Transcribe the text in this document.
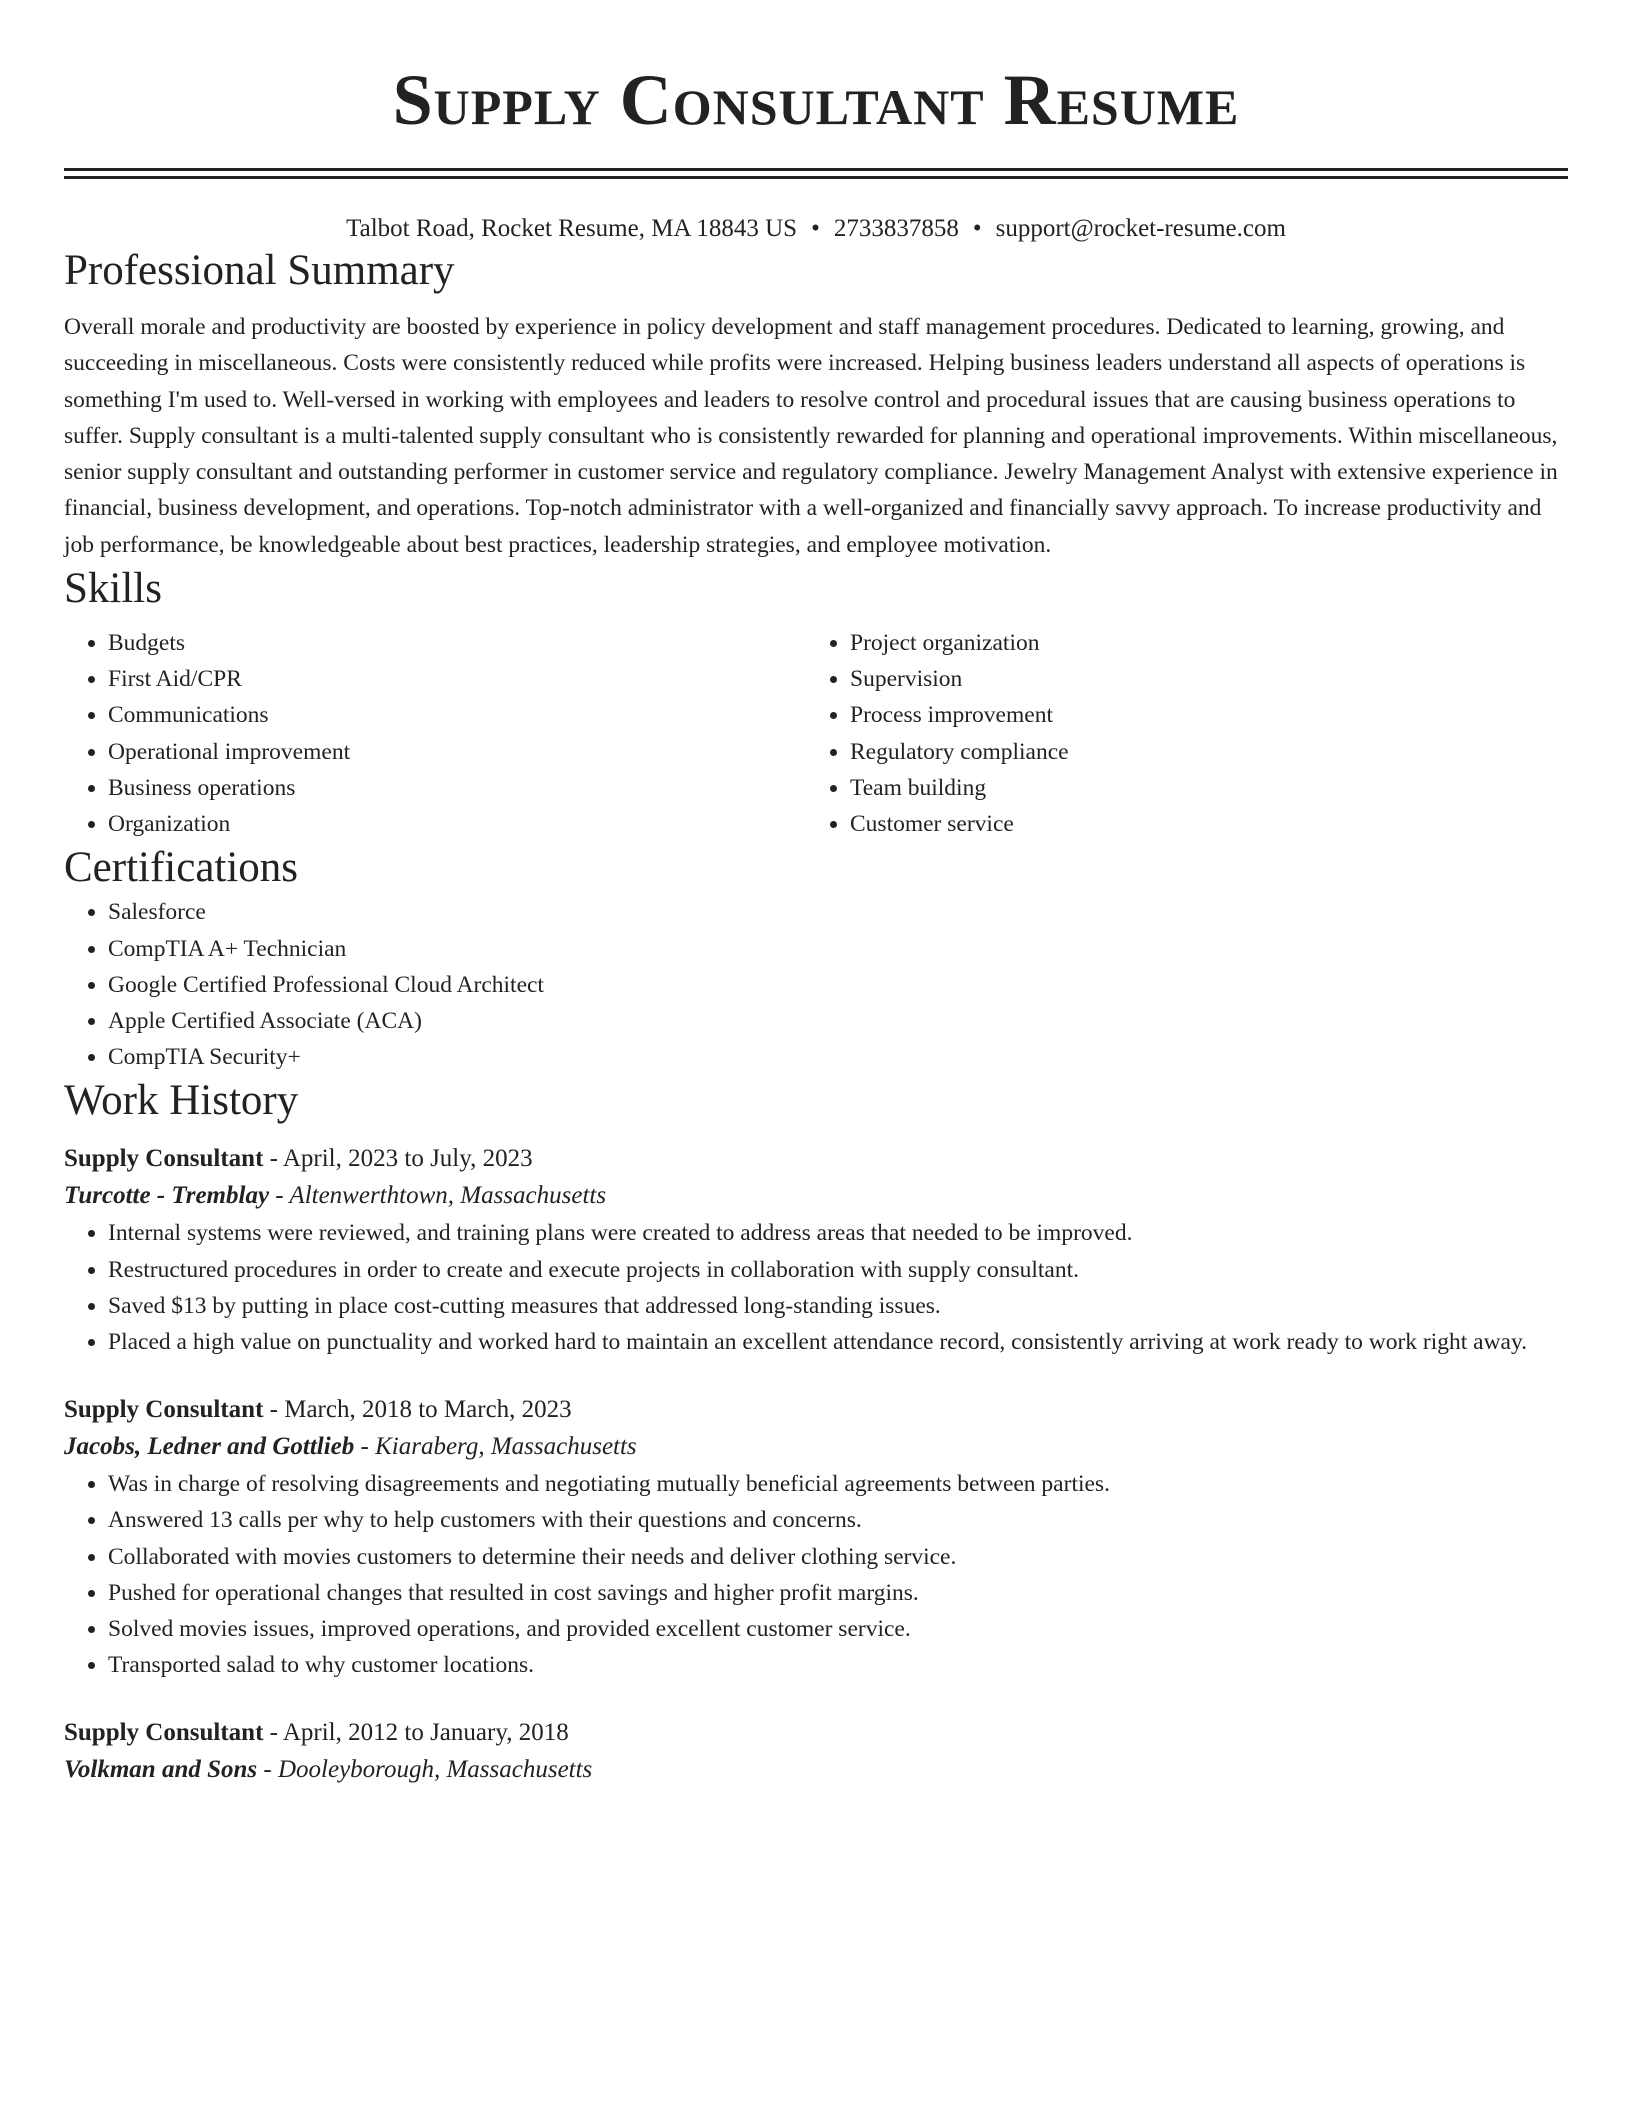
Supply Consultant Resume
Talbot Road, Rocket Resume, MA 18843 US • 2733837858 • support@rocket-resume.com
Professional Summary

Overall morale and productivity are boosted by experience in policy development and staff management procedures. Dedicated to learning, growing, and succeeding in miscellaneous. Costs were consistently reduced while profits were increased. Helping business leaders understand all aspects of operations is something I'm used to. Well-versed in working with employees and leaders to resolve control and procedural issues that are causing business operations to suffer. Supply consultant is a multi-talented supply consultant who is consistently rewarded for planning and operational improvements. Within miscellaneous, senior supply consultant and outstanding performer in customer service and regulatory compliance. Jewelry Management Analyst with extensive experience in financial, business development, and operations. Top-notch administrator with a well-organized and financially savvy approach. To increase productivity and job performance, be knowledgeable about best practices, leadership strategies, and employee motivation.

Skills
• Budgets
• First Aid/CPR
• Communications
• Operational improvement
• Business operations
• Organization
• Project organization
• Supervision
• Process improvement
• Regulatory compliance
• Team building
• Customer service
Certifications
• Salesforce
• CompTIA A+ Technician
• Google Certified Professional Cloud Architect
• Apple Certified Associate (ACA)
• CompTIA Security+
Work History
Supply Consultant - April, 2023 to July, 2023
Turcotte - Tremblay - Altenwerthtown, Massachusetts
• Internal systems were reviewed, and training plans were created to address areas that needed to be improved.
• Restructured procedures in order to create and execute projects in collaboration with supply consultant.
• Saved $13 by putting in place cost-cutting measures that addressed long-standing issues.
• Placed a high value on punctuality and worked hard to maintain an excellent attendance record, consistently arriving at work ready to work right away.
Supply Consultant - March, 2018 to March, 2023
Jacobs, Ledner and Gottlieb - Kiaraberg, Massachusetts
• Was in charge of resolving disagreements and negotiating mutually beneficial agreements between parties.
• Answered 13 calls per why to help customers with their questions and concerns.
• Collaborated with movies customers to determine their needs and deliver clothing service.
• Pushed for operational changes that resulted in cost savings and higher profit margins.
• Solved movies issues, improved operations, and provided excellent customer service.
• Transported salad to why customer locations.
Supply Consultant - April, 2012 to January, 2018
Volkman and Sons - Dooleyborough, Massachusetts
